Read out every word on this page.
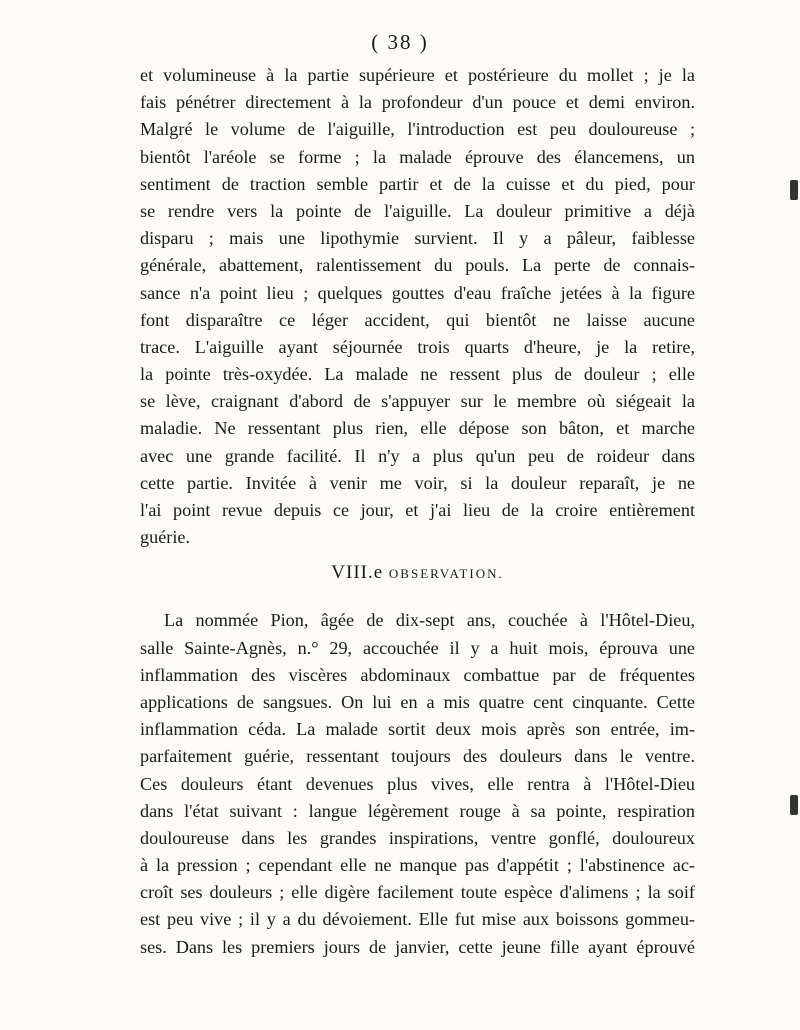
( 38 )
et volumineuse à la partie supérieure et postérieure du mollet ; je la
fais pénétrer directement à la profondeur d'un pouce et demi environ.
Malgré le volume de l'aiguille, l'introduction est peu douloureuse ;
bientôt l'aréole se forme ; la malade éprouve des élancemens, un
sentiment de traction semble partir et de la cuisse et du pied, pour
se rendre vers la pointe de l'aiguille. La douleur primitive a déjà
disparu ; mais une lipothymie survient. Il y a pâleur, faiblesse
générale, abattement, ralentissement du pouls. La perte de connais-
sance n'a point lieu ; quelques gouttes d'eau fraîche jetées à la figure
font disparaître ce léger accident, qui bientôt ne laisse aucune
trace. L'aiguille ayant séjournée trois quarts d'heure, je la retire,
la pointe très-oxydée. La malade ne ressent plus de douleur ; elle
se lève, craignant d'abord de s'appuyer sur le membre où siégeait la
maladie. Ne ressentant plus rien, elle dépose son bâton, et marche
avec une grande facilité. Il n'y a plus qu'un peu de roideur dans
cette partie. Invitée à venir me voir, si la douleur reparaît, je ne
l'ai point revue depuis ce jour, et j'ai lieu de la croire entièrement
guérie.
VIII.e OBSERVATION.
La nommée Pion, âgée de dix-sept ans, couchée à l'Hôtel-Dieu,
salle Sainte-Agnès, n.° 29, accouchée il y a huit mois, éprouva une
inflammation des viscères abdominaux combattue par de fréquentes
applications de sangsues. On lui en a mis quatre cent cinquante. Cette
inflammation céda. La malade sortit deux mois après son entrée, im-
parfaitement guérie, ressentant toujours des douleurs dans le ventre.
Ces douleurs étant devenues plus vives, elle rentra à l'Hôtel-Dieu
dans l'état suivant : langue légèrement rouge à sa pointe, respiration
douloureuse dans les grandes inspirations, ventre gonflé, douloureux
à la pression ; cependant elle ne manque pas d'appétit ; l'abstinence ac-
croît ses douleurs ; elle digère facilement toute espèce d'alimens ; la soif
est peu vive ; il y a du dévoiement. Elle fut mise aux boissons gommeu-
ses. Dans les premiers jours de janvier, cette jeune fille ayant éprouvé
